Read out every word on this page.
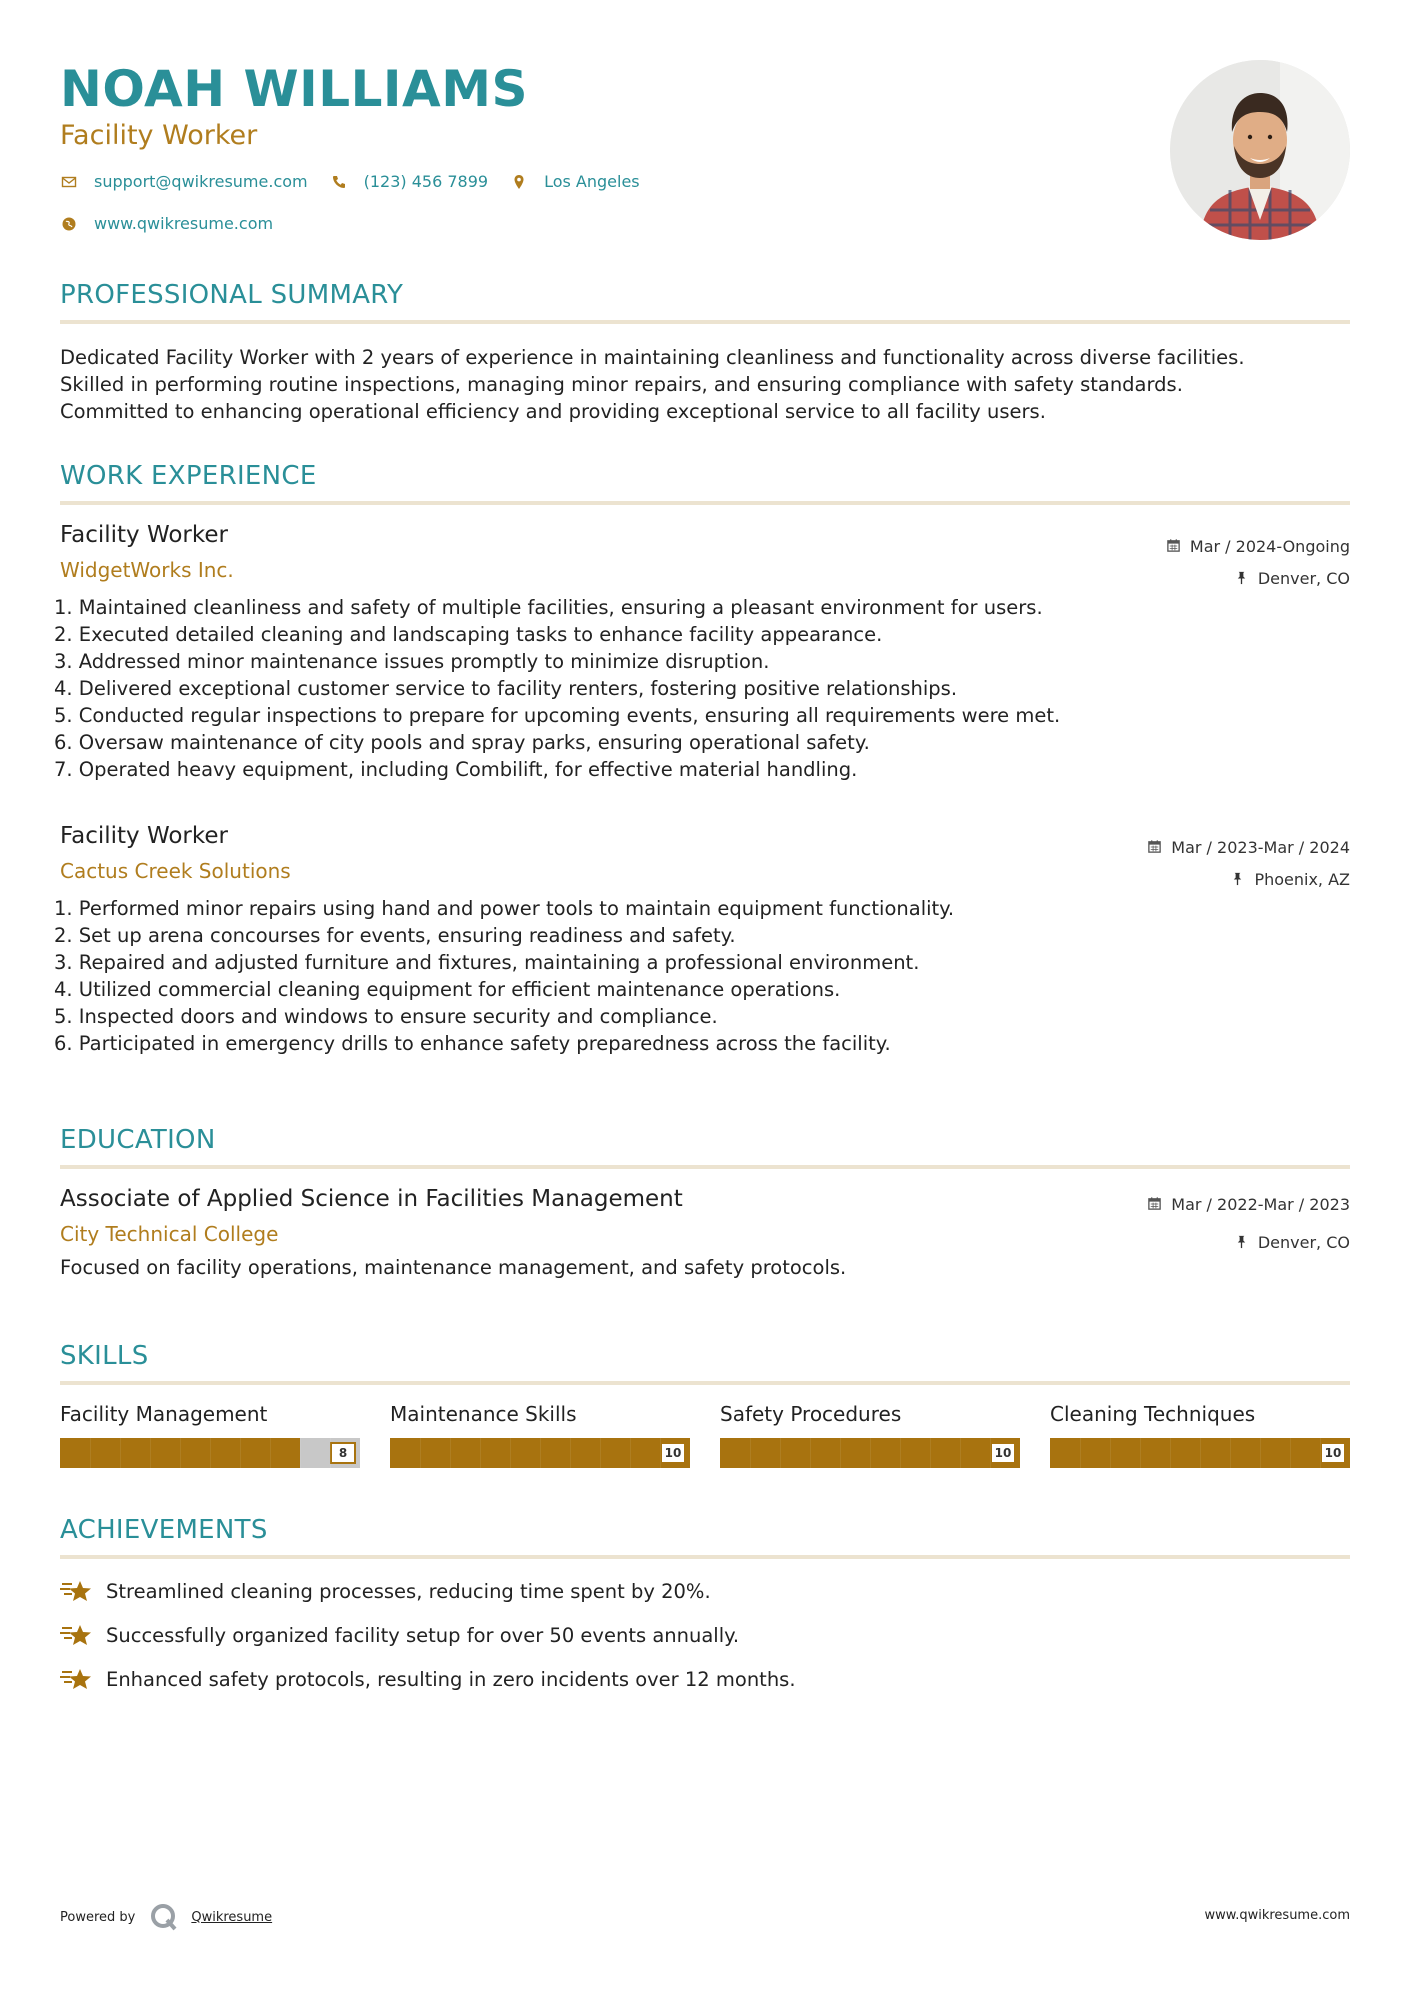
NOAH WILLIAMS
Facility Worker
support@qwikresume.com	(123) 456 7899	Los Angeles
www.qwikresume.com
PROFESSIONAL SUMMARY
Dedicated Facility Worker with 2 years of experience in maintaining cleanliness and functionality across diverse facilities.
Skilled in performing routine inspections, managing minor repairs, and ensuring compliance with safety standards.
Committed to enhancing operational efficiency and providing exceptional service to all facility users.
WORK EXPERIENCE
Facility Worker
WidgetWorks Inc.
Mar / 2024-Ongoing
Denver, CO
1. Maintained cleanliness and safety of multiple facilities, ensuring a pleasant environment for users.
2. Executed detailed cleaning and landscaping tasks to enhance facility appearance.
3. Addressed minor maintenance issues promptly to minimize disruption.
4. Delivered exceptional customer service to facility renters, fostering positive relationships.
5. Conducted regular inspections to prepare for upcoming events, ensuring all requirements were met.
6. Oversaw maintenance of city pools and spray parks, ensuring operational safety.
7. Operated heavy equipment, including Combilift, for effective material handling.
Facility Worker
Cactus Creek Solutions
Mar / 2023-Mar / 2024
Phoenix, AZ
1. Performed minor repairs using hand and power tools to maintain equipment functionality.
2. Set up arena concourses for events, ensuring readiness and safety.
3. Repaired and adjusted furniture and fixtures, maintaining a professional environment.
4. Utilized commercial cleaning equipment for efficient maintenance operations.
5. Inspected doors and windows to ensure security and compliance.
6. Participated in emergency drills to enhance safety preparedness across the facility.
EDUCATION
Associate of Applied Science in Facilities Management
City Technical College
Mar / 2022-Mar / 2023
Denver, CO
Focused on facility operations, maintenance management, and safety protocols.
SKILLS
Facility Management
8
Maintenance Skills
10
Safety Procedures
10
Cleaning Techniques
10
ACHIEVEMENTS
Streamlined cleaning processes, reducing time spent by 20%.
Successfully organized facility setup for over 50 events annually.
Enhanced safety protocols, resulting in zero incidents over 12 months.
Powered by	Qwikresume	www.qwikresume.com
